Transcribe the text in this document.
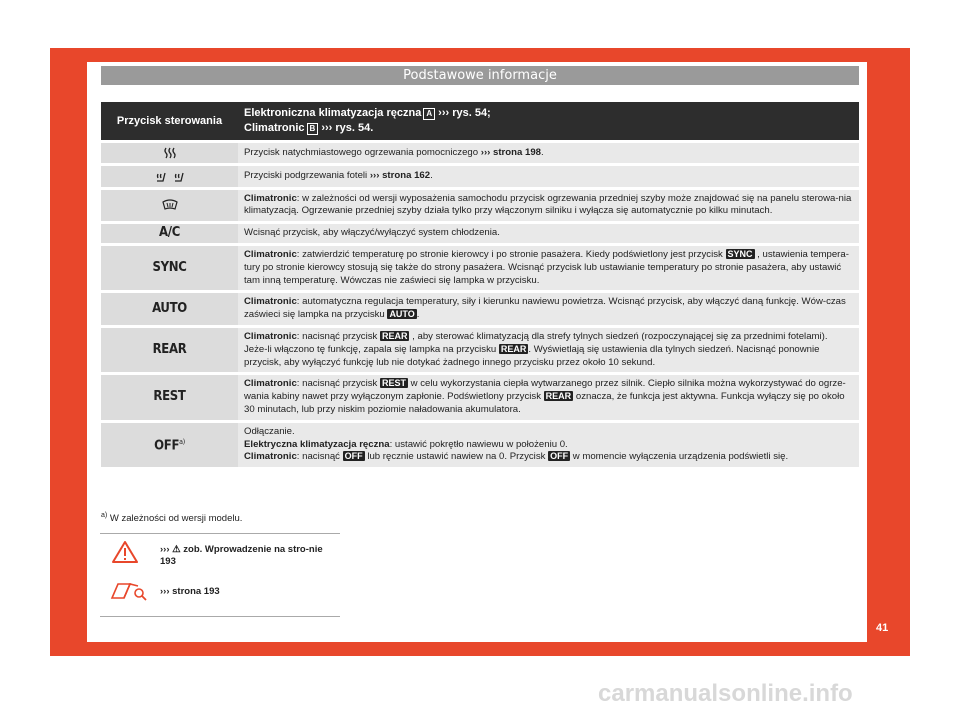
Podstawowe informacje
Przycisk sterowania	Elektroniczna klimatyzacja ręczna A ››› rys. 54;
Climatronic B ››› rys. 54.
	Przycisk natychmiastowego ogrzewania pomocniczego ››› strona 198.
	Przyciski podgrzewania foteli ››› strona 162.
	Climatronic: w zależności od wersji wyposażenia samochodu przycisk ogrzewania przedniej szyby może znajdować się na panelu sterowa-nia klimatyzacją. Ogrzewanie przedniej szyby działa tylko przy włączonym silniku i wyłącza się automatycznie po kilku minutach.
A/C	Wcisnąć przycisk, aby włączyć/wyłączyć system chłodzenia.
SYNC	Climatronic: zatwierdzić temperaturę po stronie kierowcy i po stronie pasażera. Kiedy podświetlony jest przycisk SYNC , ustawienia tempera-tury po stronie kierowcy stosują się także do strony pasażera. Wcisnąć przycisk lub ustawianie temperatury po stronie pasażera, aby ustawić tam inną temperaturę. Wówczas nie zaświeci się lampka w przycisku.
AUTO	Climatronic: automatyczna regulacja temperatury, siły i kierunku nawiewu powietrza. Wcisnąć przycisk, aby włączyć daną funkcję. Wów-czas zaświeci się lampka na przycisku AUTO .
REAR	Climatronic: nacisnąć przycisk REAR , aby sterować klimatyzacją dla strefy tylnych siedzeń (rozpoczynającej się za przednimi fotelami). Jeże-li włączono tę funkcję, zapala się lampka na przycisku REAR . Wyświetlają się ustawienia dla tylnych siedzeń. Nacisnąć ponownie przycisk, aby wyłączyć funkcję lub nie dotykać żadnego innego przycisku przez około 10 sekund.
REST	Climatronic: nacisnąć przycisk REST w celu wykorzystania ciepła wytwarzanego przez silnik. Ciepło silnika można wykorzystywać do ogrze-wania kabiny nawet przy wyłączonym zapłonie. Podświetlony przycisk REAR oznacza, że funkcja jest aktywna. Funkcja wyłączy się po około 30 minutach, lub przy niskim poziomie naładowania akumulatora.
OFF$^{a)}$	Odłączanie.
Elektryczna klimatyzacja ręczna: ustawić pokrętło nawiewu w położeniu 0.
Climatronic: nacisnąć OFF lub ręcznie ustawić nawiew na 0. Przycisk OFF w momencie wyłączenia urządzenia podświetli się.
$^{a)}$ W zależności od wersji modelu.
››› ⚠ zob. Wprowadzenie na stro-nie 193
››› strona 193
41
carmanualsonline.info
